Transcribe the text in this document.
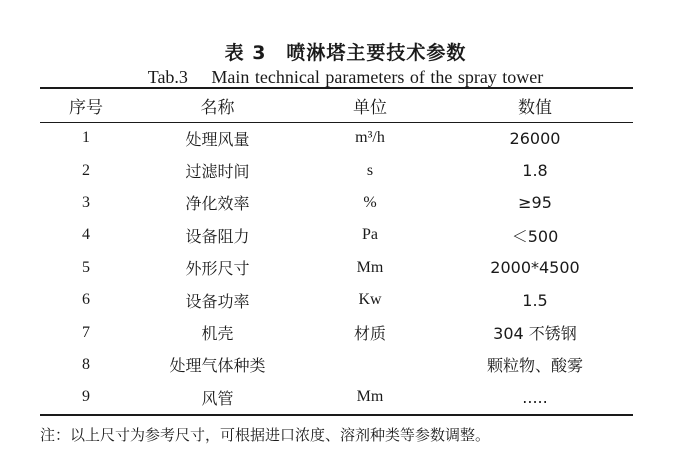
表 3　喷淋塔主要技术参数
Tab.3　 Main technical parameters of the spray tower
序号	名称	单位	数值
1	处理风量	m³/h	26000
2	过滤时间	s	1.8
3	净化效率	%	≥95
4	设备阻力	Pa	＜500
5	外形尺寸	Mm	2000*4500
6	设备功率	Kw	1.5
7	机壳	材质	304 不锈钢
8	处理气体种类		颗粒物、酸雾
9	风管	Mm	.....
注：以上尺寸为参考尺寸，可根据进口浓度、溶剂种类等参数调整。
